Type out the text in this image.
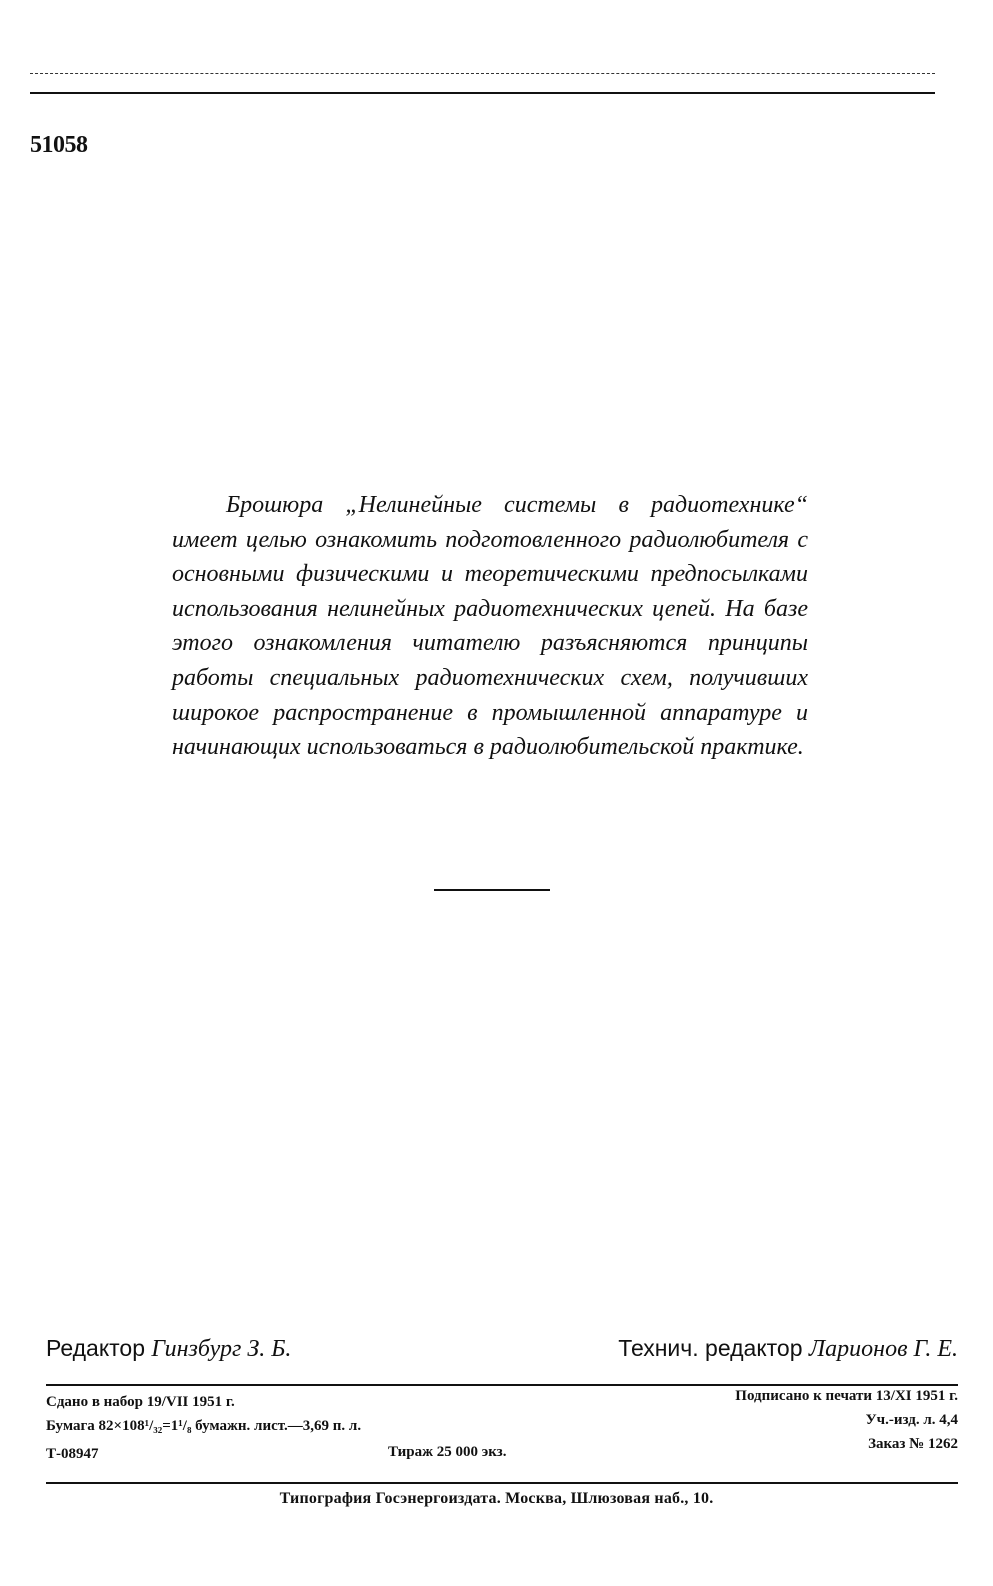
51058

Брошюра „Нелинейные системы в радиотехнике“ имеет целью ознакомить подготовленного радиолюбителя с основными физическими и теоретическими предпосылками использования нелинейных радиотехнических цепей. На базе этого ознакомления читателю разъясняются принципы работы специальных радиотехнических схем, получивших широкое распространение в промышленной аппаратуре и начинающих использоваться в радиолюбительской практике.

Редактор Гинзбург З. Б.	Технич. редактор Ларионов Г. Е.
Сдано в набор 19/VII 1951 г.	Подписано к печати 13/XI 1951 г.
Бумага 82×108¹/₃₂=1¹/₈ бумажн. лист.—3,69 п. л.	Уч.-изд. л. 4,4
Т-08947	Тираж 25 000 экз.	Заказ № 1262
Типография Госэнергоиздата. Москва, Шлюзовая наб., 10.
